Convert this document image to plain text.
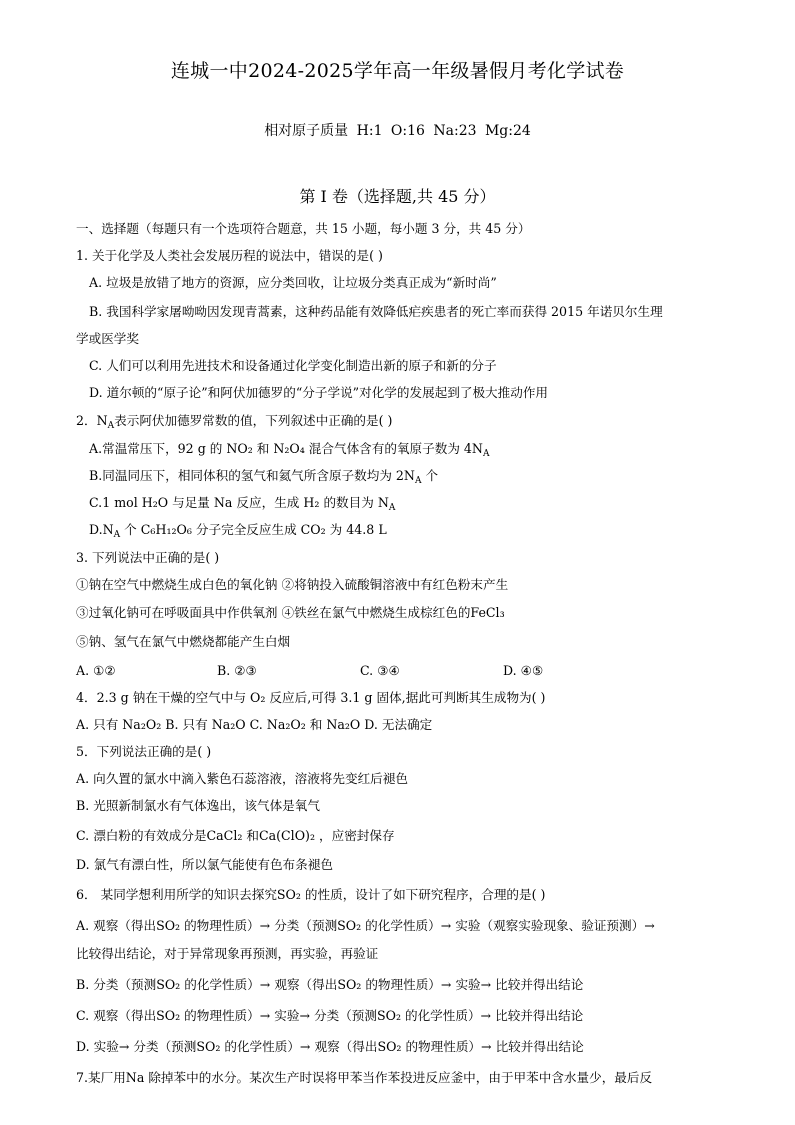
连城一中2024-2025学年高一年级暑假月考化学试卷
相对原子质量 H:1 O:16 Na:23 Mg:24
第 I 卷（选择题,共 45 分）
一、选择题（每题只有一个选项符合题意，共 15 小题，每小题 3 分，共 45 分）
1. 关于化学及人类社会发展历程的说法中，错误的是( )
A. 垃圾是放错了地方的资源，应分类回收，让垃圾分类真正成为“新时尚”
B. 我国科学家屠呦呦因发现青蒿素，这种药品能有效降低疟疾患者的死亡率而获得 2015 年诺贝尔生理
学或医学奖
C. 人们可以利用先进技术和设备通过化学变化制造出新的原子和新的分子
D. 道尔顿的“原子论”和阿伏加德罗的“分子学说”对化学的发展起到了极大推动作用
2．$N_A$表示阿伏加德罗常数的值，下列叙述中正确的是( )
A.常温常压下，92 g 的 NO₂ 和 N₂O₄ 混合气体含有的氧原子数为 $4N_A$
B.同温同压下，相同体积的氢气和氦气所含原子数均为 $2N_A$ 个
C.1 mol H₂O 与足量 Na 反应，生成 H₂ 的数目为 $N_A$
$D.N_A$ 个 C₆H₁₂O₆ 分子完全反应生成 CO₂ 为 44.8 L
3. 下列说法中正确的是( )
①钠在空气中燃烧生成白色的氧化钠 ②将钠投入硫酸铜溶液中有红色粉末产生
③过氧化钠可在呼吸面具中作供氧剂 ④铁丝在氯气中燃烧生成棕红色的FeCl₃
⑤钠、氢气在氯气中燃烧都能产生白烟
A. ①②	B. ②③	C. ③④	D. ④⑤
4．2.3 g 钠在干燥的空气中与 O₂ 反应后,可得 3.1 g 固体,据此可判断其生成物为( )
A. 只有 Na₂O₂ B. 只有 Na₂O C. Na₂O₂ 和 Na₂O D. 无法确定
5．下列说法正确的是( )
A. 向久置的氯水中滴入紫色石蕊溶液，溶液将先变红后褪色
B. 光照新制氯水有气体逸出，该气体是氧气
C. 漂白粉的有效成分是CaCl₂ 和Ca(ClO)₂ ，应密封保存
D. 氯气有漂白性，所以氯气能使有色布条褪色
6． 某同学想利用所学的知识去探究SO₂ 的性质，设计了如下研究程序，合理的是( )
A. 观察（得出SO₂ 的物理性质）→ 分类（预测SO₂ 的化学性质）→ 实验（观察实验现象、验证预测）→
比较得出结论，对于异常现象再预测，再实验，再验证
B. 分类（预测SO₂ 的化学性质）→ 观察（得出SO₂ 的物理性质）→ 实验→ 比较并得出结论
C. 观察（得出SO₂ 的物理性质）→ 实验→ 分类（预测SO₂ 的化学性质）→ 比较并得出结论
D. 实验→ 分类（预测SO₂ 的化学性质）→ 观察（得出SO₂ 的物理性质）→ 比较并得出结论
7.某厂用Na 除掉苯中的水分。某次生产时误将甲苯当作苯投进反应釜中，由于甲苯中含水量少，最后反
